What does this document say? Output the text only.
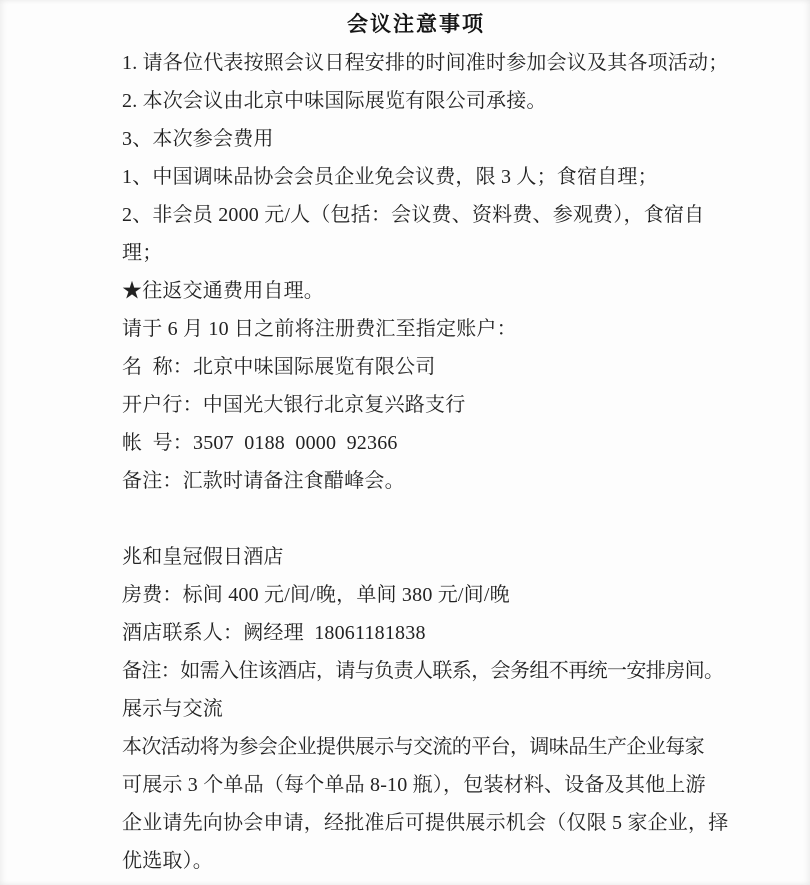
会议注意事项
1. 请各位代表按照会议日程安排的时间准时参加会议及其各项活动；
2. 本次会议由北京中味国际展览有限公司承接。
3、本次参会费用
1、中国调味品协会会员企业免会议费，限 3 人；食宿自理；
2、非会员 2000 元/人（包括：会议费、资料费、参观费），食宿自
理；
★往返交通费用自理。
请于 6 月 10 日之前将注册费汇至指定账户：
名  称：北京中味国际展览有限公司
开户行：中国光大银行北京复兴路支行
帐  号：3507  0188  0000  92366
备注：汇款时请备注食醋峰会。
兆和皇冠假日酒店
房费：标间 400 元/间/晚，单间 380 元/间/晚
酒店联系人：阙经理  18061181838
备注：如需入住该酒店，请与负责人联系，会务组不再统一安排房间。
展示与交流
本次活动将为参会企业提供展示与交流的平台，调味品生产企业每家
可展示 3 个单品（每个单品 8-10 瓶），包装材料、设备及其他上游
企业请先向协会申请，经批准后可提供展示机会（仅限 5 家企业，择
优选取）。
